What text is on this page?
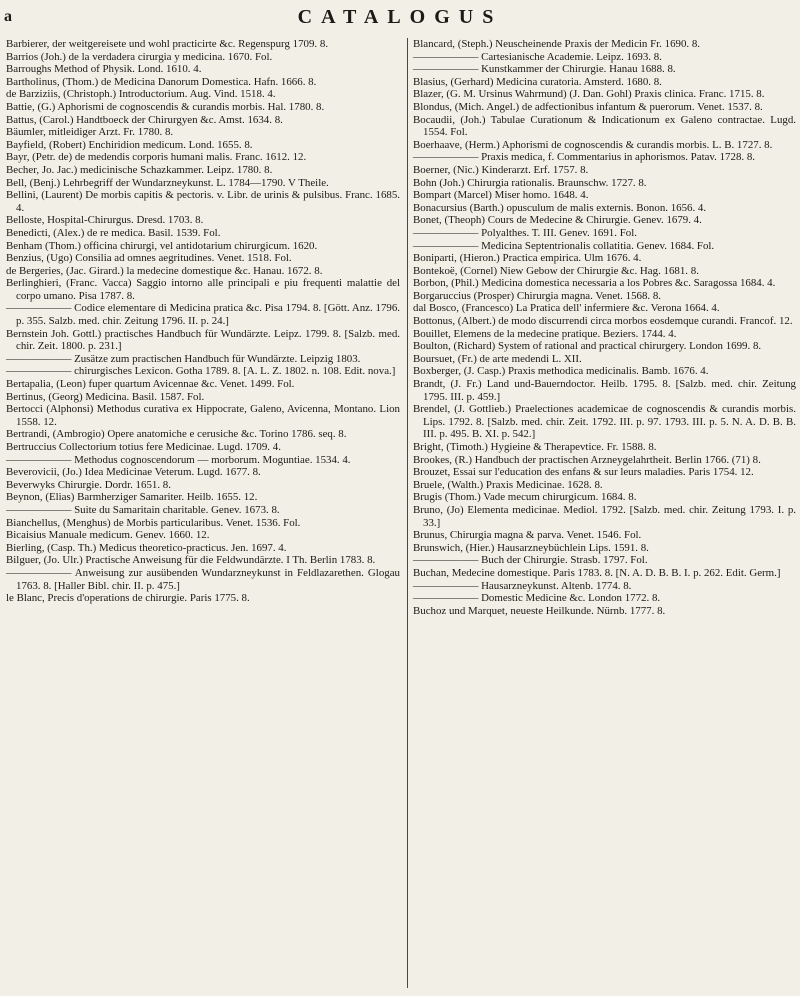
a	CATALOGUS

Barbierer, der weitgereisete und wohl practicirte &c. Regenspurg 1709. 8.

Barrios (Joh.) de la verdadera cirurgia y medicina. 1670. Fol.

Barroughs Method of Physik. Lond. 1610. 4.

Bartholinus, (Thom.) de Medicina Danorum Domestica. Hafn. 1666. 8.

de Barziziis, (Christoph.) Introductorium. Aug. Vind. 1518. 4.

Battie, (G.) Aphorismi de cognoscendis & curandis morbis. Hal. 1780. 8.

Battus, (Carol.) Handtboeck der Chirurgyen &c. Amst. 1634. 8.

Bäumler, mitleidiger Arzt. Fr. 1780. 8.

Bayfield, (Robert) Enchiridion medicum. Lond. 1655. 8.

Bayr, (Petr. de) de medendis corporis humani malis. Franc. 1612. 12.

Becher, Jo. Jac.) medicinische Schazkammer. Leipz. 1780. 8.

Bell, (Benj.) Lehrbegriff der Wundarzneykunst. L. 1784—1790. V Theile.

Bellini, (Laurent) De morbis capitis & pectoris. v. Libr. de urinis & pulsibus. Franc. 1685. 4.

Belloste, Hospital-Chirurgus. Dresd. 1703. 8.

Benedicti, (Alex.) de re medica. Basil. 1539. Fol.

Benham (Thom.) officina chirurgi, vel antidotarium chirurgicum. 1620.

Benzius, (Ugo) Consilia ad omnes aegritudines. Venet. 1518. Fol.

de Bergeries, (Jac. Girard.) la medecine domestique &c. Hanau. 1672. 8.

Berlinghieri, (Franc. Vacca) Saggio intorno alle principali e piu frequenti malattie del corpo umano. Pisa 1787. 8.

—————— Codice elementare di Medicina pratica &c. Pisa 1794. 8. [Gött. Anz. 1796. p. 355. Salzb. med. chir. Zeitung 1796. II. p. 24.]

Bernstein Joh. Gottl.) practisches Handbuch für Wundärzte. Leipz. 1799. 8. [Salzb. med. chir. Zeit. 1800. p. 231.]

—————— Zusätze zum practischen Handbuch für Wundärzte. Leipzig 1803.

—————— chirurgisches Lexicon. Gotha 1789. 8. [A. L. Z. 1802. n. 108. Edit. nova.]

Bertapalia, (Leon) fuper quartum Avicennae &c. Venet. 1499. Fol.

Bertinus, (Georg) Medicina. Basil. 1587. Fol.

Bertocci (Alphonsi) Methodus curativa ex Hippocrate, Galeno, Avicenna, Montano. Lion 1558. 12.

Bertrandi, (Ambrogio) Opere anatomiche e cerusiche &c. Torino 1786. seq. 8.

Bertruccius Collectorium totius fere Medicinae. Lugd. 1709. 4.

—————— Methodus cognoscendorum — morborum. Moguntiae. 1534. 4.

Beverovicii, (Jo.) Idea Medicinae Veterum. Lugd. 1677. 8.

Beverwyks Chirurgie. Dordr. 1651. 8.

Beynon, (Elias) Barmherziger Samariter. Heilb. 1655. 12.

—————— Suite du Samaritain charitable. Genev. 1673. 8.

Bianchellus, (Menghus) de Morbis particularibus. Venet. 1536. Fol.

Bicaisius Manuale medicum. Genev. 1660. 12.

Bierling, (Casp. Th.) Medicus theoretico-practicus. Jen. 1697. 4.

Bilguer, (Jo. Ulr.) Practische Anweisung für die Feldwundärzte. I Th. Berlin 1783. 8.

—————— Anweisung zur ausübenden Wundarzneykunst in Feldlazarethen. Glogau 1763. 8. [Haller Bibl. chir. II. p. 475.]

le Blanc, Precis d'operations de chirurgie. Paris 1775. 8.

Blancard, (Steph.) Neuscheinende Praxis der Medicin Fr. 1690. 8.

—————— Cartesianische Academie. Leipz. 1693. 8.

—————— Kunstkammer der Chirurgie. Hanau 1688. 8.

Blasius, (Gerhard) Medicina curatoria. Amsterd. 1680. 8.

Blazer, (G. M. Ursinus Wahrmund) (J. Dan. Gohl) Praxis clinica. Franc. 1715. 8.

Blondus, (Mich. Angel.) de adfectionibus infantum & puerorum. Venet. 1537. 8.

Bocaudii, (Joh.) Tabulae Curationum & Indicationum ex Galeno contractae. Lugd. 1554. Fol.

Boerhaave, (Herm.) Aphorismi de cognoscendis & curandis morbis. L. B. 1727. 8.

—————— Praxis medica, f. Commentarius in aphorismos. Patav. 1728. 8.

Boerner, (Nic.) Kinderarzt. Erf. 1757. 8.

Bohn (Joh.) Chirurgia rationalis. Braunschw. 1727. 8.

Bompart (Marcel) Miser homo. 1648. 4.

Bonacursius (Barth.) opusculum de malis externis. Bonon. 1656. 4.

Bonet, (Theoph) Cours de Medecine & Chirurgie. Genev. 1679. 4.

—————— Polyalthes. T. III. Genev. 1691. Fol.

—————— Medicina Septentrionalis collatitia. Genev. 1684. Fol.

Boniparti, (Hieron.) Practica empirica. Ulm 1676. 4.

Bontekoë, (Cornel) Niew Gebow der Chirurgie &c. Hag. 1681. 8.

Borbon, (Phil.) Medicina domestica necessaria a los Pobres &c. Saragossa 1684. 4.

Borgaruccius (Prosper) Chirurgia magna. Venet. 1568. 8.

dal Bosco, (Francesco) La Pratica dell' infermiere &c. Verona 1664. 4.

Bottonus, (Albert.) de modo discurrendi circa morbos eosdemque curandi. Francof. 12.

Bouillet, Elemens de la medecine pratique. Beziers. 1744. 4.

Boulton, (Richard) System of rational and practical chirurgery. London 1699. 8.

Boursuet, (Fr.) de arte medendi L. XII.

Boxberger, (J. Casp.) Praxis methodica medicinalis. Bamb. 1676. 4.

Brandt, (J. Fr.) Land und-Bauerndoctor. Heilb. 1795. 8. [Salzb. med. chir. Zeitung 1795. III. p. 459.]

Brendel, (J. Gottlieb.) Praelectiones academicae de cognoscendis & curandis morbis. Lips. 1792. 8. [Salzb. med. chir. Zeit. 1792. III. p. 97. 1793. III. p. 5. N. A. D. B. B. III. p. 495. B. XI. p. 542.]

Bright, (Timoth.) Hygieine & Therapevtice. Fr. 1588. 8.

Brookes, (R.) Handbuch der practischen Arzneygelahrtheit. Berlin 1766. (71) 8.

Brouzet, Essai sur l'education des enfans & sur leurs maladies. Paris 1754. 12.

Bruele, (Walth.) Praxis Medicinae. 1628. 8.

Brugis (Thom.) Vade mecum chirurgicum. 1684. 8.

Bruno, (Jo) Elementa medicinae. Mediol. 1792. [Salzb. med. chir. Zeitung 1793. I. p. 33.]

Brunus, Chirurgia magna & parva. Venet. 1546. Fol.

Brunswich, (Hier.) Hausarzneybüchlein Lips. 1591. 8.

—————— Buch der Chirurgie. Strasb. 1797. Fol.

Buchan, Medecine domestique. Paris 1783. 8. [N. A. D. B. B. I. p. 262. Edit. Germ.]

—————— Hausarzneykunst. Altenb. 1774. 8.

—————— Domestic Medicine &c. London 1772. 8.

Buchoz und Marquet, neueste Heilkunde. Nürnb. 1777. 8.
